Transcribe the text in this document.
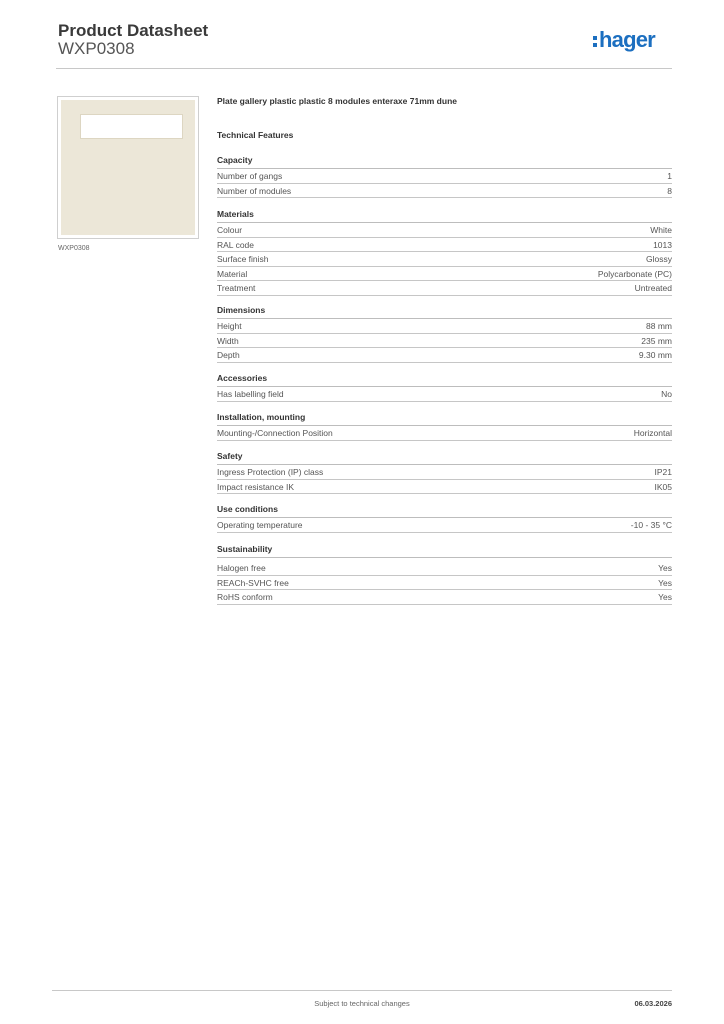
Product Datasheet
WXP0308	hager
WXP0308
Plate gallery plastic plastic 8 modules enteraxe 71mm dune
Technical Features
Capacity
Number of gangs	1
Number of modules	8
Materials
Colour	White
RAL code	1013
Surface finish	Glossy
Material	Polycarbonate (PC)
Treatment	Untreated
Dimensions
Height	88 mm
Width	235 mm
Depth	9.30 mm
Accessories
Has labelling field	No
Installation, mounting
Mounting-/Connection Position	Horizontal
Safety
Ingress Protection (IP) class	IP21
Impact resistance IK	IK05
Use conditions
Operating temperature	-10 - 35 °C
Sustainability
Halogen free	Yes
REACh-SVHC free	Yes
RoHS conform	Yes
Subject to technical changes	06.03.2026
